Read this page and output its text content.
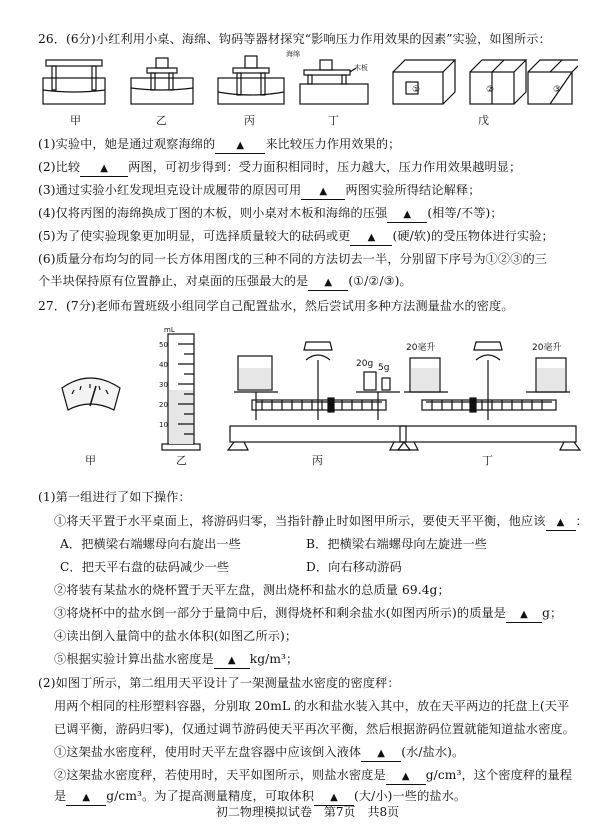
26．(6分)小红利用小桌、海绵、钩码等器材探究“影响压力作用效果的因素”实验，如图所示：
海绵
木板
①	②	③
甲	乙	丙	丁	戊
(1)实验中，她是通过观察海绵的 ▲ 来比较压力作用效果的；
(2)比较 ▲ 两图，可初步得到：受力面积相同时，压力越大，压力作用效果越明显；
(3)通过实验小红发现坦克设计成履带的原因可用 ▲ 两图实验所得结论解释；
(4)仅将丙图的海绵换成丁图的木板，则小桌对木板和海绵的压强 ▲ (相等/不等)；
(5)为了使实验现象更加明显，可选择质量较大的砝码或更 ▲ (硬/软)的受压物体进行实验；
(6)质量分布均匀的同一长方体用图戊的三种不同的方法切去一半，分别留下序号为①②③的三
个半块保持原有位置静止，对桌面的压强最大的是 ▲ (①/②/③)。
27．(7分)老师布置班级小组同学自己配置盐水，然后尝试用多种方法测量盐水的密度。
mL
50
40
30
20
10
20g 5g
20毫升	20毫升
甲	乙	丙	丁
(1)第一组进行了如下操作：
①将天平置于水平桌面上，将游码归零，当指针静止时如图甲所示，要使天平平衡，他应该 ▲ ：
A．把横梁右端螺母向右旋出一些	B．把横梁右端螺母向左旋进一些
C．把天平右盘的砝码减少一些	D．向右移动游码
②将装有某盐水的烧杯置于天平左盘，测出烧杯和盐水的总质量 69.4g；
③将烧杯中的盐水倒一部分于量筒中后，测得烧杯和剩余盐水(如图丙所示)的质量是 ▲ g；
④读出倒入量筒中的盐水体积(如图乙所示)；
⑤根据实验计算出盐水密度是 ▲ kg/m³；
(2)如图丁所示，第二组用天平设计了一架测量盐水密度的密度秤：
用两个相同的柱形塑料容器，分别取 20mL 的水和盐水装入其中，放在天平两边的托盘上(天平
已调平衡，游码归零)，仅通过调节游码使天平再次平衡，然后根据游码位置就能知道盐水密度。
①这架盐水密度秤，使用时天平左盘容器中应该倒入液体 ▲ (水/盐水)。
②这架盐水密度秤，若使用时，天平如图所示，则盐水密度是 ▲ g/cm³，这个密度秤的量程
是 ▲ g/cm³。为了提高测量精度，可取体积 ▲ (大/小)一些的盐水。
初二物理模拟试卷　第7页　共8页
